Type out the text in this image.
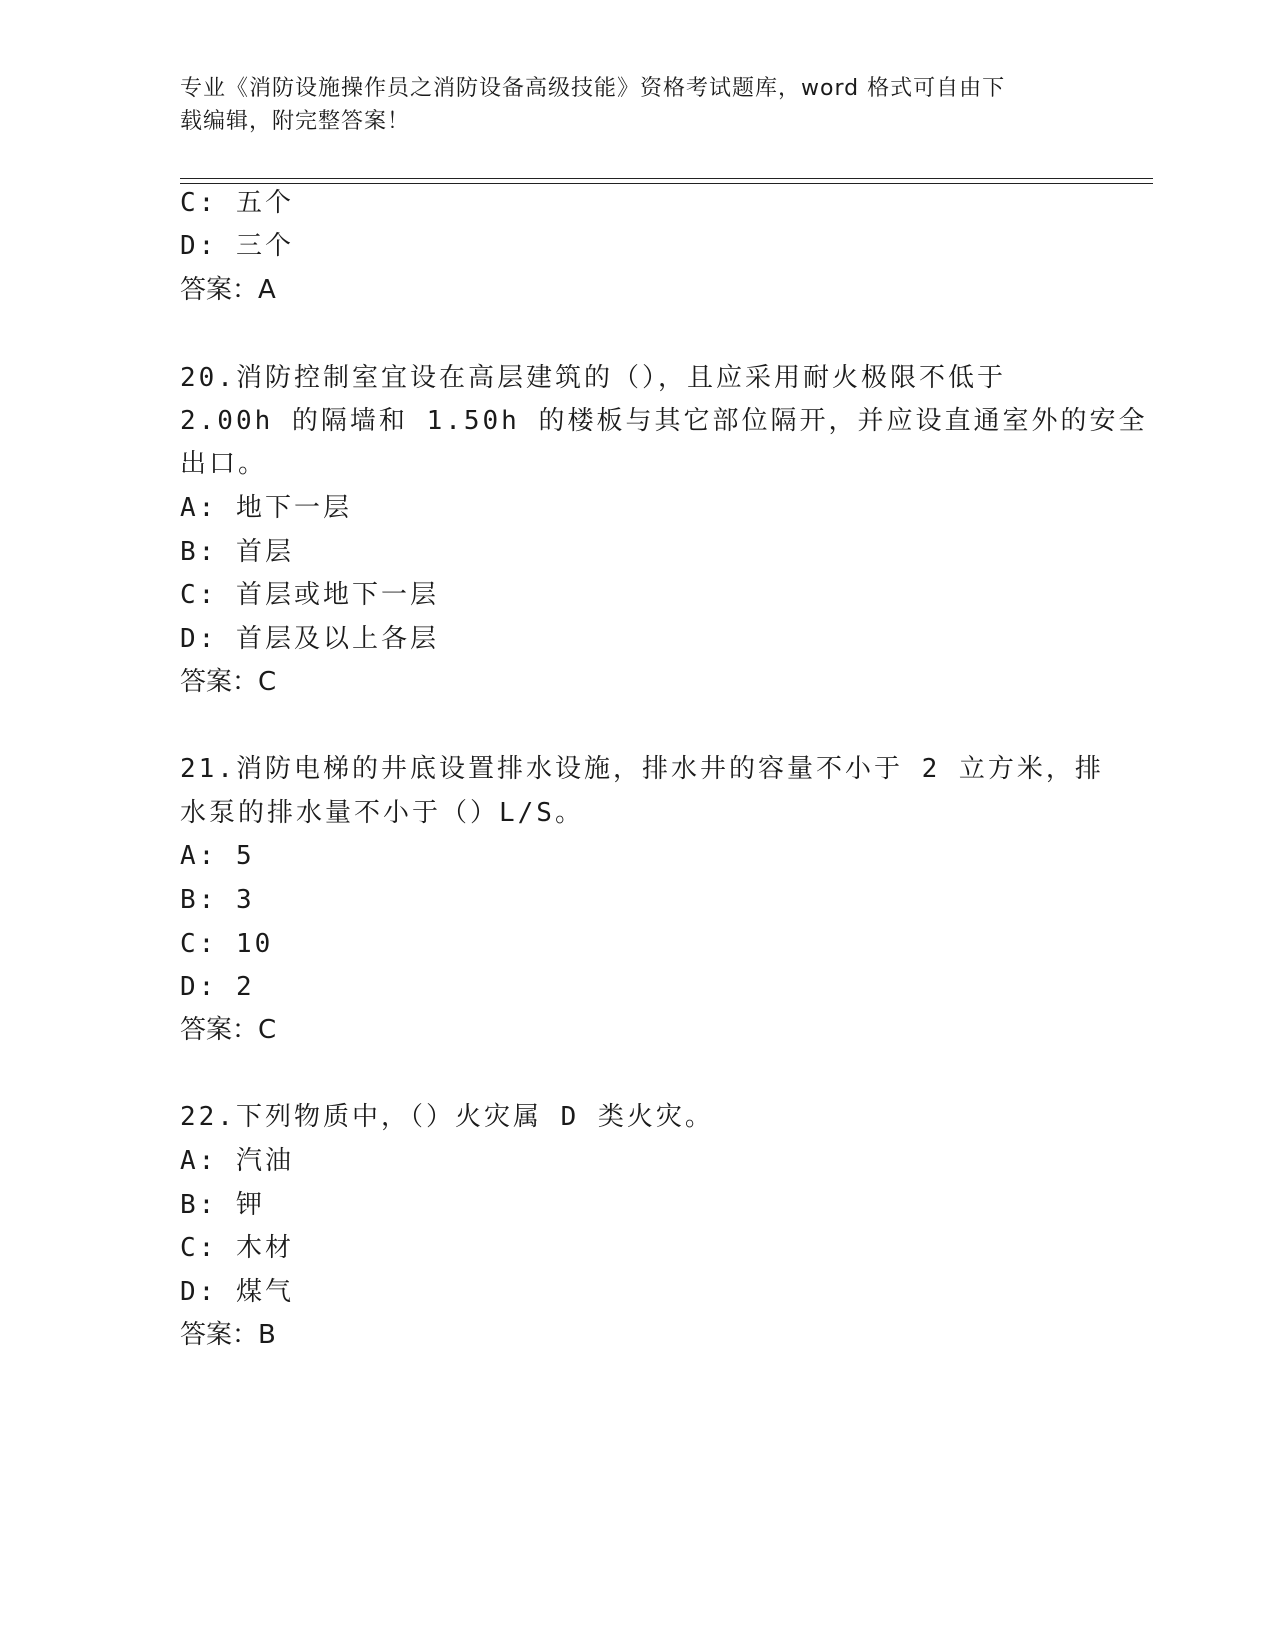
专业《消防设施操作员之消防设备高级技能》资格考试题库，word 格式可自由下
载编辑，附完整答案！
C: 五个
D: 三个
答案：A
20.消防控制室宜设在高层建筑的（），且应采用耐火极限不低于
2.00h 的隔墙和 1.50h 的楼板与其它部位隔开，并应设直通室外的安全
出口。
A: 地下一层
B: 首层
C: 首层或地下一层
D: 首层及以上各层
答案：C
21.消防电梯的井底设置排水设施，排水井的容量不小于 2 立方米，排
水泵的排水量不小于（）L/S。
A: 5
B: 3
C: 10
D: 2
答案：C
22.下列物质中，（）火灾属 D 类火灾。
A: 汽油
B: 钾
C: 木材
D: 煤气
答案：B
